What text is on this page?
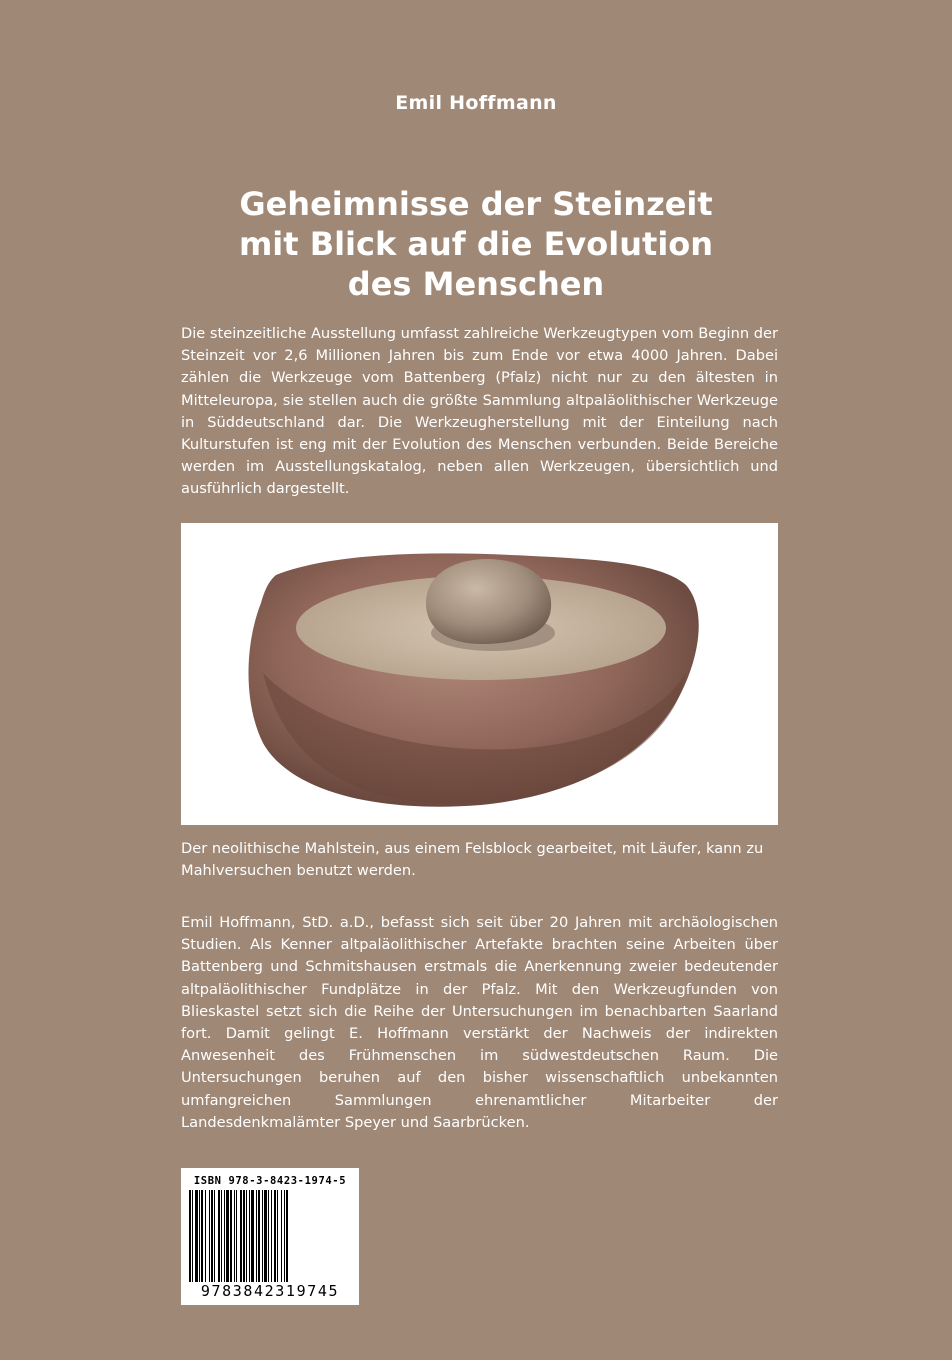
Emil Hoffmann
Geheimnisse der Steinzeit
mit Blick auf die Evolution
des Menschen

Die steinzeitliche Ausstellung umfasst zahlreiche Werkzeugtypen vom Beginn der Steinzeit vor 2,6 Millionen Jahren bis zum Ende vor etwa 4000 Jahren. Dabei zählen die Werkzeuge vom Battenberg (Pfalz) nicht nur zu den ältesten in Mitteleuropa, sie stellen auch die größte Sammlung altpaläolithischer Werkzeuge in Süddeutschland dar. Die Werkzeugherstellung mit der Einteilung nach Kulturstufen ist eng mit der Evolution des Menschen verbunden. Beide Bereiche werden im Ausstellungskatalog, neben allen Werkzeugen, übersichtlich und ausführlich dargestellt.

Der neolithische Mahlstein, aus einem Felsblock gearbeitet, mit Läufer, kann zu Mahlversuchen benutzt werden.

Emil Hoffmann, StD. a.D., befasst sich seit über 20 Jahren mit archäologischen Studien. Als Kenner altpaläolithischer Artefakte brachten seine Arbeiten über Battenberg und Schmitshausen erstmals die Anerkennung zweier bedeutender altpaläolithischer Fundplätze in der Pfalz. Mit den Werkzeugfunden von Blieskastel setzt sich die Reihe der Untersuchungen im benachbarten Saarland fort. Damit gelingt E. Hoffmann verstärkt der Nachweis der indirekten Anwesenheit des Frühmenschen im südwestdeutschen Raum. Die Untersuchungen beruhen auf den bisher wissenschaftlich unbekannten umfangreichen Sammlungen ehrenamtlicher Mitarbeiter der Landesdenkmalämter Speyer und Saarbrücken.

ISBN 978-3-8423-1974-5
9783842319745
